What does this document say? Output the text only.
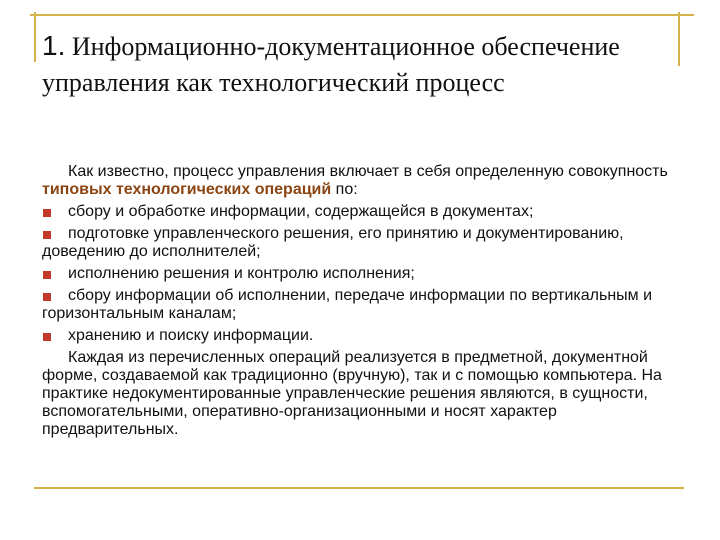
1. Информационно-документационное обеспечение управления как технологический процесс

Как известно, процесс управления включает в себя определенную совокупность типовых технологических операций по:

сбору и обработке информации, содержащейся в документах;

подготовке управленческого решения, его принятию и документированию, доведению до исполнителей;

исполнению решения и контролю исполнения;

сбору информации об исполнении, передаче информации по вертикальным и горизонтальным каналам;

хранению и поиску информации.

Каждая из перечисленных операций реализуется в предметной, документной форме, создаваемой как традиционно (вручную), так и с помощью компьютера. На практике недокументированные управленческие решения являются, в сущности, вспомогательными, оперативно-организационными и носят характер предварительных.
